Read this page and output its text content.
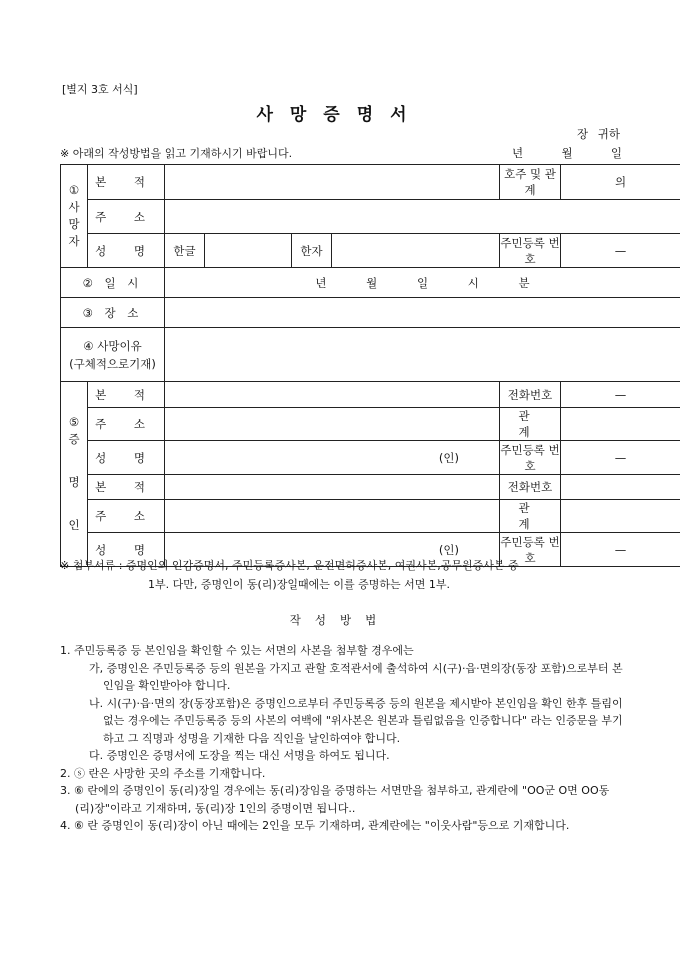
[별지 3호 서식]
사망증명서
장 귀하
※ 아래의 작성방법을 읽고 기재하시기 바랍니다.	년	월	일
①
사
망
자	본 적					호주 및 관 계	의
	주 소						
	성 명	한글		한자		주민등록 번 호	—
② 일 시		년 월 일 시 분					
③ 장 소							

④ 사망이유
(구체적으로기재)							

⑤
증
명
인	본 적					전화번호	—
	주 소					관 계	
	성 명	(인)				주민등록 번 호	—
	본 적					전화번호	
	주 소					관 계	
	성 명	(인)				주민등록 번 호	—
※ 첨부서류 : 증명인의 인감증명서, 주민등록증사본, 운전면허증사본, 여권사본,공무원증사본 중
1부. 다만, 증명인이 동(리)장일때에는 이를 증명하는 서면 1부.
작성방법

1. 주민등록증 등 본인임을 확인할 수 있는 서면의 사본을 첨부할 경우에는

가, 증명인은 주민등록증 등의 원본을 가지고 관할 호적관서에 출석하여 시(구)·읍·면의장(동장 포함)으로부터 본인임을 확인받아야 합니다.

나. 시(구)·읍·면의 장(동장포함)은 증명인으로부터 주민등록증 등의 원본을 제시받아 본인임을 확인 한후 틀림이 없는 경우에는 주민등록증 등의 사본의 여백에 "위사본은 원본과 틀림없음을 인증합니다" 라는 인증문을 부기하고 그 직명과 성명을 기재한 다음 직인을 날인하여야 합니다.

다. 증명인은 증명서에 도장을 찍는 대신 서명을 하여도 됩니다.

2. ⓢ 란은 사망한 곳의 주소를 기재합니다.

3. ⑥ 란에의 증명인이 동(리)장일 경우에는 동(리)장임을 증명하는 서면만을 첨부하고, 관계란에 "OO군 O면 OO동(리)장"이라고 기재하며, 동(리)장 1인의 증명이면 됩니다..

4. ⑥ 란 증명인이 동(리)장이 아닌 때에는 2인을 모두 기재하며, 관계란에는 "이웃사람"등으로 기재합니다.
